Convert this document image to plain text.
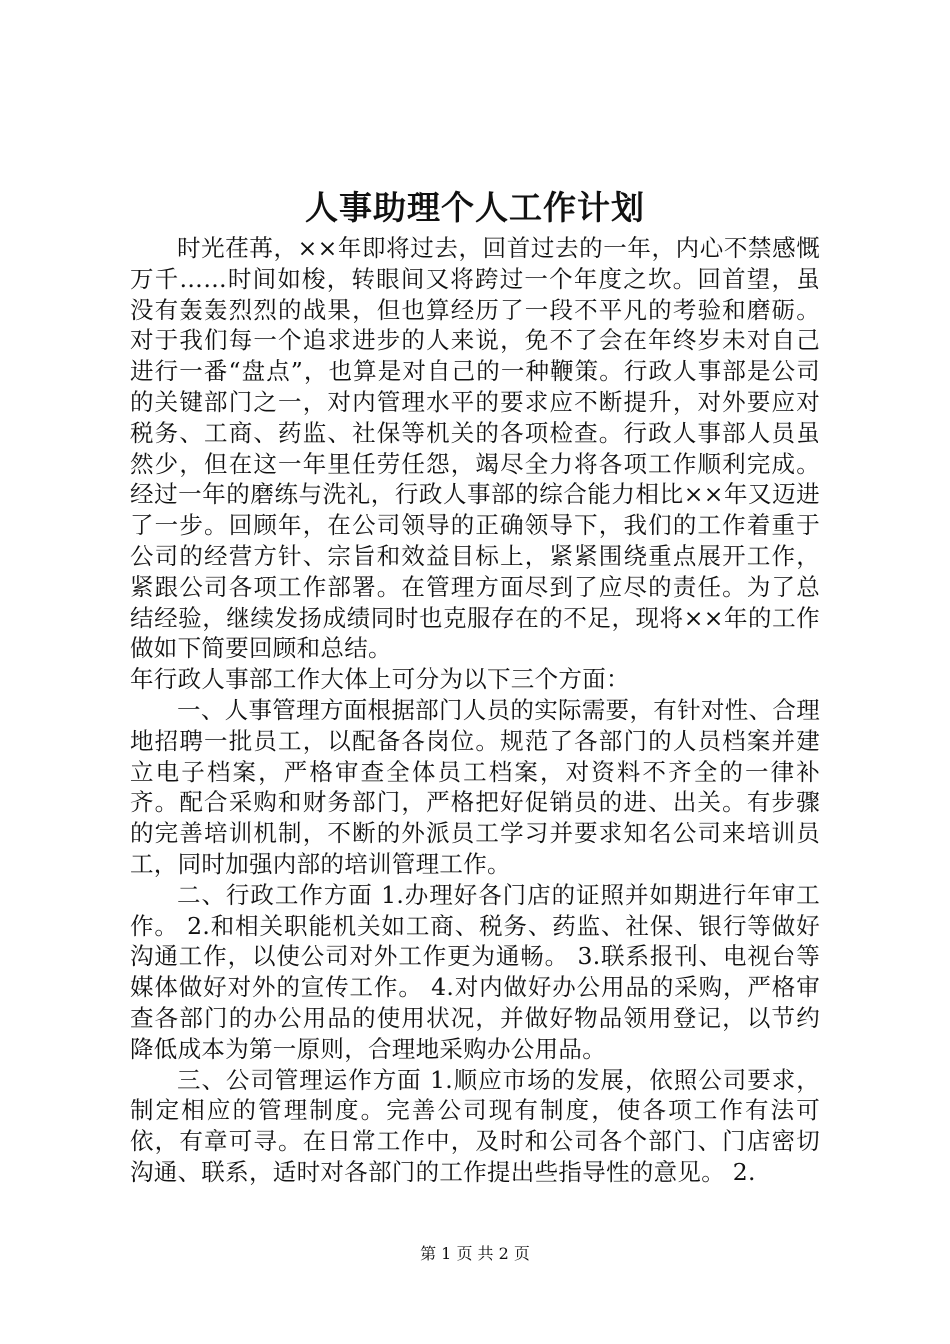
人事助理个人工作计划

时光荏苒，××年即将过去，回首过去的一年，内心不禁感慨万千……时间如梭，转眼间又将跨过一个年度之坎。回首望，虽没有轰轰烈烈的战果，但也算经历了一段不平凡的考验和磨砺。对于我们每一个追求进步的人来说，免不了会在年终岁未对自己进行一番“盘点”，也算是对自己的一种鞭策。行政人事部是公司的关键部门之一，对内管理水平的要求应不断提升，对外要应对税务、工商、药监、社保等机关的各项检查。行政人事部人员虽然少，但在这一年里任劳任怨，竭尽全力将各项工作顺利完成。经过一年的磨练与洗礼，行政人事部的综合能力相比××年又迈进了一步。回顾年，在公司领导的正确领导下，我们的工作着重于公司的经营方针、宗旨和效益目标上，紧紧围绕重点展开工作，紧跟公司各项工作部署。在管理方面尽到了应尽的责任。为了总结经验，继续发扬成绩同时也克服存在的不足，现将××年的工作做如下简要回顾和总结。

年行政人事部工作大体上可分为以下三个方面：

一、人事管理方面根据部门人员的实际需要，有针对性、合理地招聘一批员工，以配备各岗位。规范了各部门的人员档案并建立电子档案，严格审查全体员工档案，对资料不齐全的一律补齐。配合采购和财务部门，严格把好促销员的进、出关。有步骤的完善培训机制，不断的外派员工学习并要求知名公司来培训员工，同时加强内部的培训管理工作。

二、行政工作方面 1.办理好各门店的证照并如期进行年审工作。 2.和相关职能机关如工商、税务、药监、社保、银行等做好沟通工作，以使公司对外工作更为通畅。 3.联系报刊、电视台等媒体做好对外的宣传工作。 4.对内做好办公用品的采购，严格审查各部门的办公用品的使用状况，并做好物品领用登记，以节约降低成本为第一原则，合理地采购办公用品。

三、公司管理运作方面 1.顺应市场的发展，依照公司要求，制定相应的管理制度。完善公司现有制度，使各项工作有法可依，有章可寻。在日常工作中，及时和公司各个部门、门店密切沟通、联系，适时对各部门的工作提出些指导性的意见。 2.

第 1 页 共 2 页
